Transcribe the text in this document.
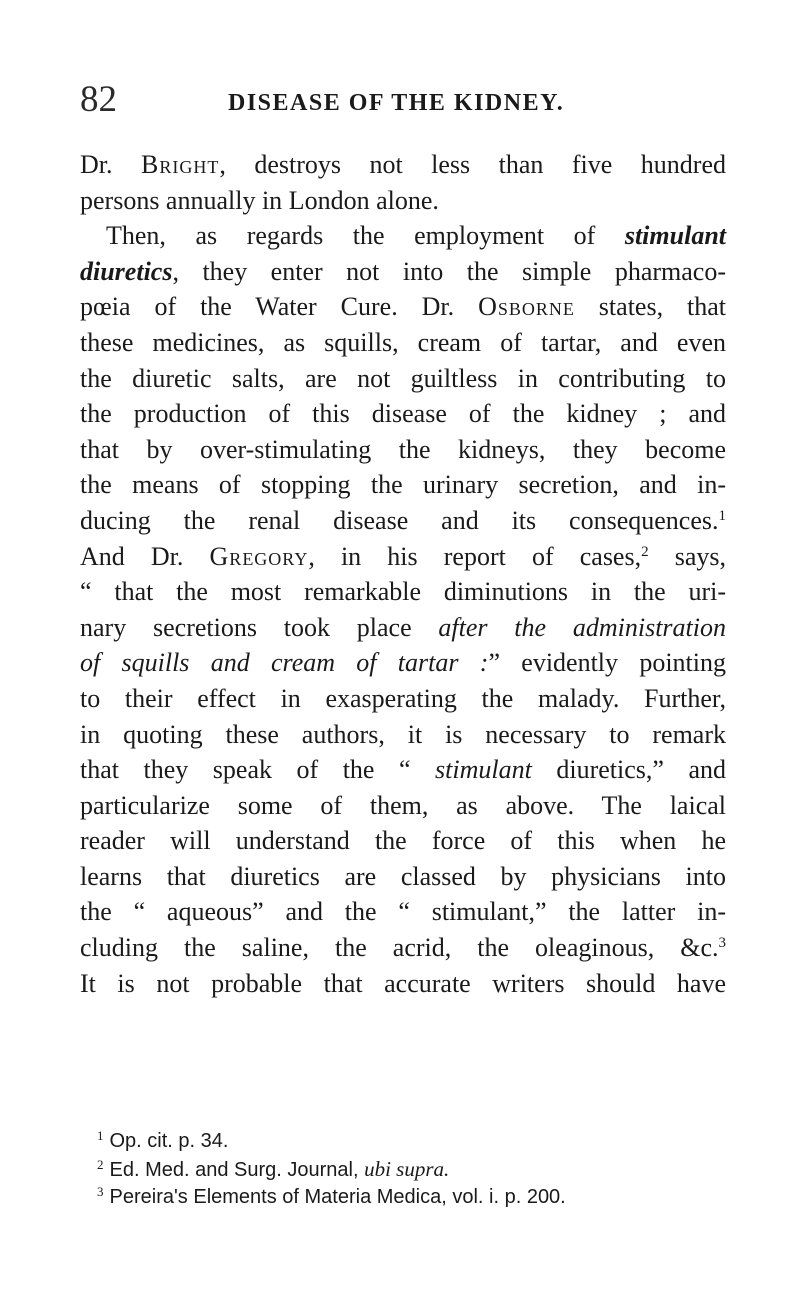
82	DISEASE OF THE KIDNEY.
Dr. Bright, destroys not less than five hundred
persons annually in London alone.
Then, as regards the employment of stimulant
diuretics, they enter not into the simple pharmaco-
pœia of the Water Cure. Dr. Osborne states, that
these medicines, as squills, cream of tartar, and even
the diuretic salts, are not guiltless in contributing to
the production of this disease of the kidney ; and
that by over-stimulating the kidneys, they become
the means of stopping the urinary secretion, and in-
ducing the renal disease and its consequences.$^1$
And Dr. Gregory, in his report of cases,$^2$ says,
“ that the most remarkable diminutions in the uri-
nary secretions took place after the administration
of squills and cream of tartar :” evidently pointing
to their effect in exasperating the malady. Further,
in quoting these authors, it is necessary to remark
that they speak of the “ stimulant diuretics,” and
particularize some of them, as above. The laical
reader will understand the force of this when he
learns that diuretics are classed by physicians into
the “ aqueous” and the “ stimulant,” the latter in-
cluding the saline, the acrid, the oleaginous, &c.$^3$
It is not probable that accurate writers should have
$^1$ Op. cit. p. 34.
$^2$ Ed. Med. and Surg. Journal, ubi supra.
$^3$ Pereira's Elements of Materia Medica, vol. i. p. 200.
